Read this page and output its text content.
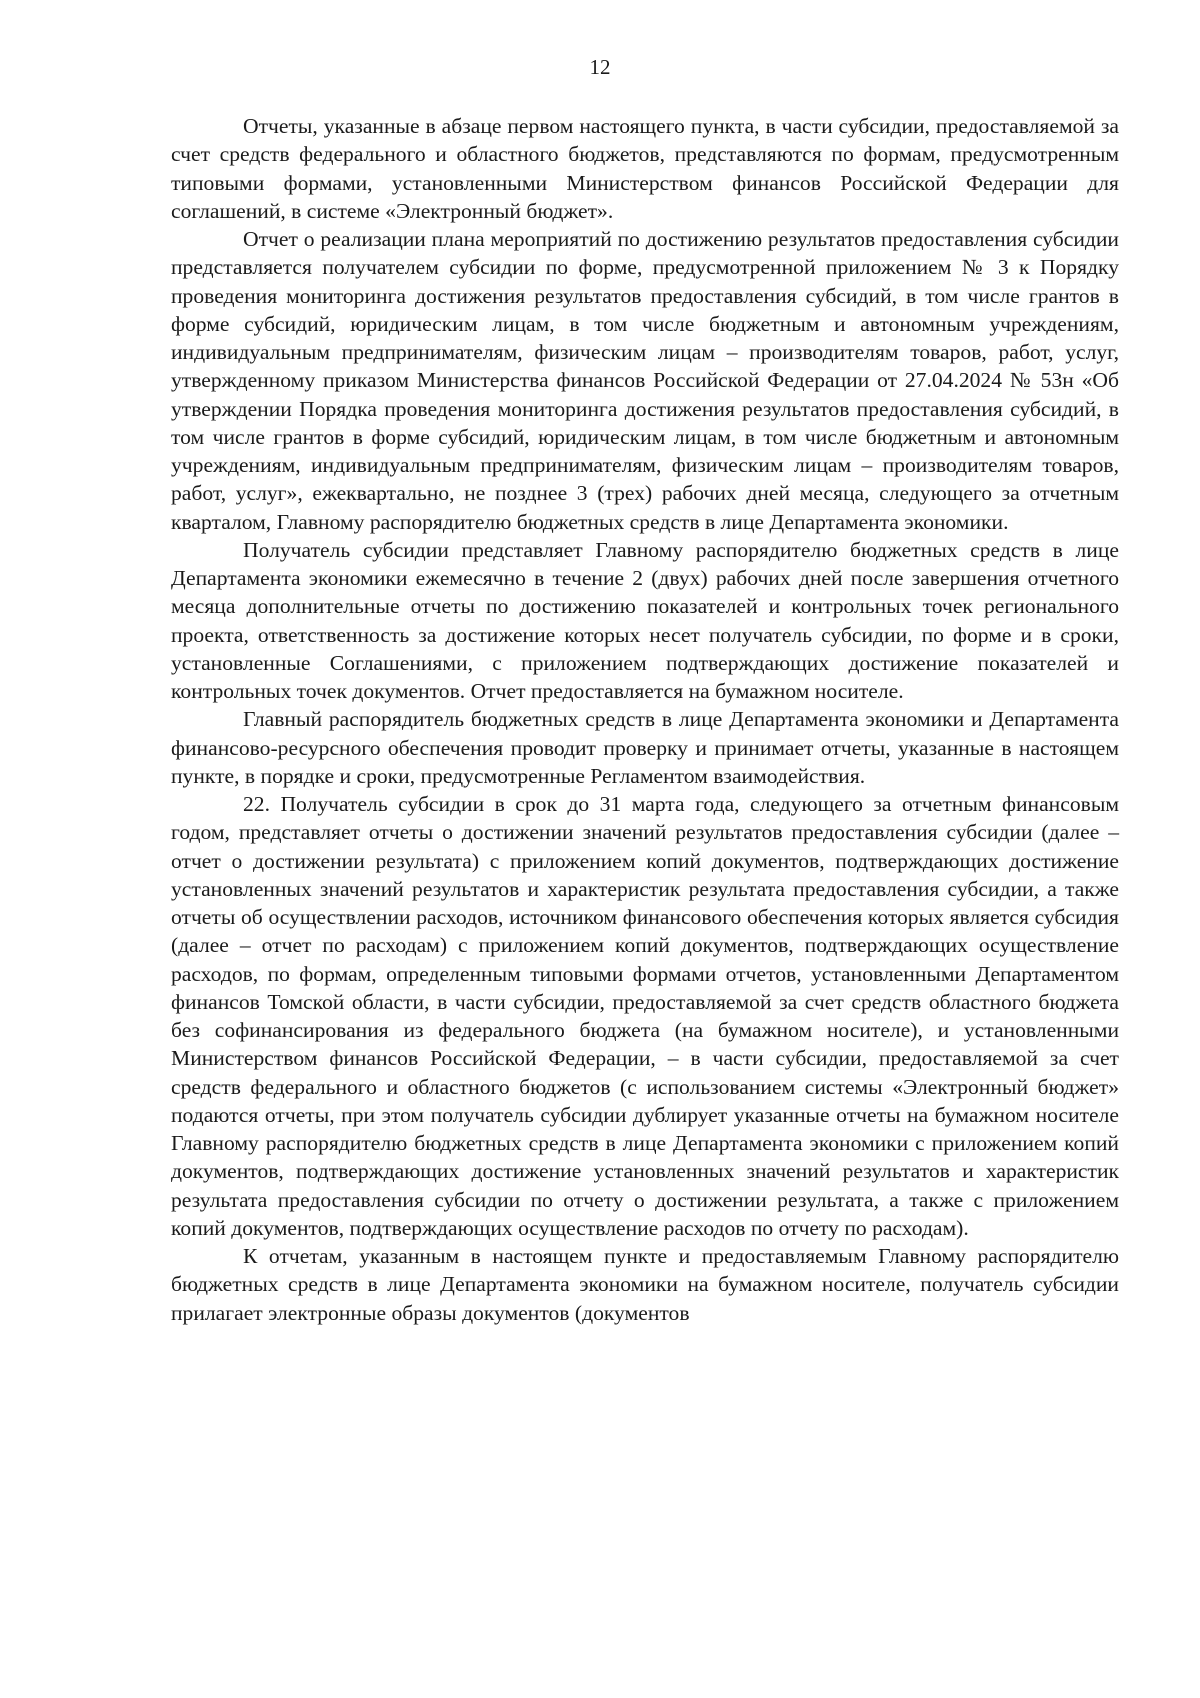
12

Отчеты, указанные в абзаце первом настоящего пункта, в части субсидии, предоставляемой за счет средств федерального и областного бюджетов, представляются по формам, предусмотренным типовыми формами, установленными Министерством финансов Российской Федерации для соглашений, в системе «Электронный бюджет».

Отчет о реализации плана мероприятий по достижению результатов предоставления субсидии представляется получателем субсидии по форме, предусмотренной приложением № 3 к Порядку проведения мониторинга достижения результатов предоставления субсидий, в том числе грантов в форме субсидий, юридическим лицам, в том числе бюджетным и автономным учреждениям, индивидуальным предпринимателям, физическим лицам – производителям товаров, работ, услуг, утвержденному приказом Министерства финансов Российской Федерации от 27.04.2024 № 53н «Об утверждении Порядка проведения мониторинга достижения результатов предоставления субсидий, в том числе грантов в форме субсидий, юридическим лицам, в том числе бюджетным и автономным учреждениям, индивидуальным предпринимателям, физическим лицам – производителям товаров, работ, услуг», ежеквартально, не позднее 3 (трех) рабочих дней месяца, следующего за отчетным кварталом, Главному распорядителю бюджетных средств в лице Департамента экономики.

Получатель субсидии представляет Главному распорядителю бюджетных средств в лице Департамента экономики ежемесячно в течение 2 (двух) рабочих дней после завершения отчетного месяца дополнительные отчеты по достижению показателей и контрольных точек регионального проекта, ответственность за достижение которых несет получатель субсидии, по форме и в сроки, установленные Соглашениями, с приложением подтверждающих достижение показателей и контрольных точек документов. Отчет предоставляется на бумажном носителе.

Главный распорядитель бюджетных средств в лице Департамента экономики и Департамента финансово-ресурсного обеспечения проводит проверку и принимает отчеты, указанные в настоящем пункте, в порядке и сроки, предусмотренные Регламентом взаимодействия.

22. Получатель субсидии в срок до 31 марта года, следующего за отчетным финансовым годом, представляет отчеты о достижении значений результатов предоставления субсидии (далее – отчет о достижении результата) с приложением копий документов, подтверждающих достижение установленных значений результатов и характеристик результата предоставления субсидии, а также отчеты об осуществлении расходов, источником финансового обеспечения которых является субсидия (далее – отчет по расходам) с приложением копий документов, подтверждающих осуществление расходов, по формам, определенным типовыми формами отчетов, установленными Департаментом финансов Томской области, в части субсидии, предоставляемой за счет средств областного бюджета без софинансирования из федерального бюджета (на бумажном носителе), и установленными Министерством финансов Российской Федерации, – в части субсидии, предоставляемой за счет средств федерального и областного бюджетов (с использованием системы «Электронный бюджет» подаются отчеты, при этом получатель субсидии дублирует указанные отчеты на бумажном носителе Главному распорядителю бюджетных средств в лице Департамента экономики с приложением копий документов, подтверждающих достижение установленных значений результатов и характеристик результата предоставления субсидии по отчету о достижении результата, а также с приложением копий документов, подтверждающих осуществление расходов по отчету по расходам).

К отчетам, указанным в настоящем пункте и предоставляемым Главному распорядителю бюджетных средств в лице Департамента экономики на бумажном носителе, получатель субсидии прилагает электронные образы документов (документов
